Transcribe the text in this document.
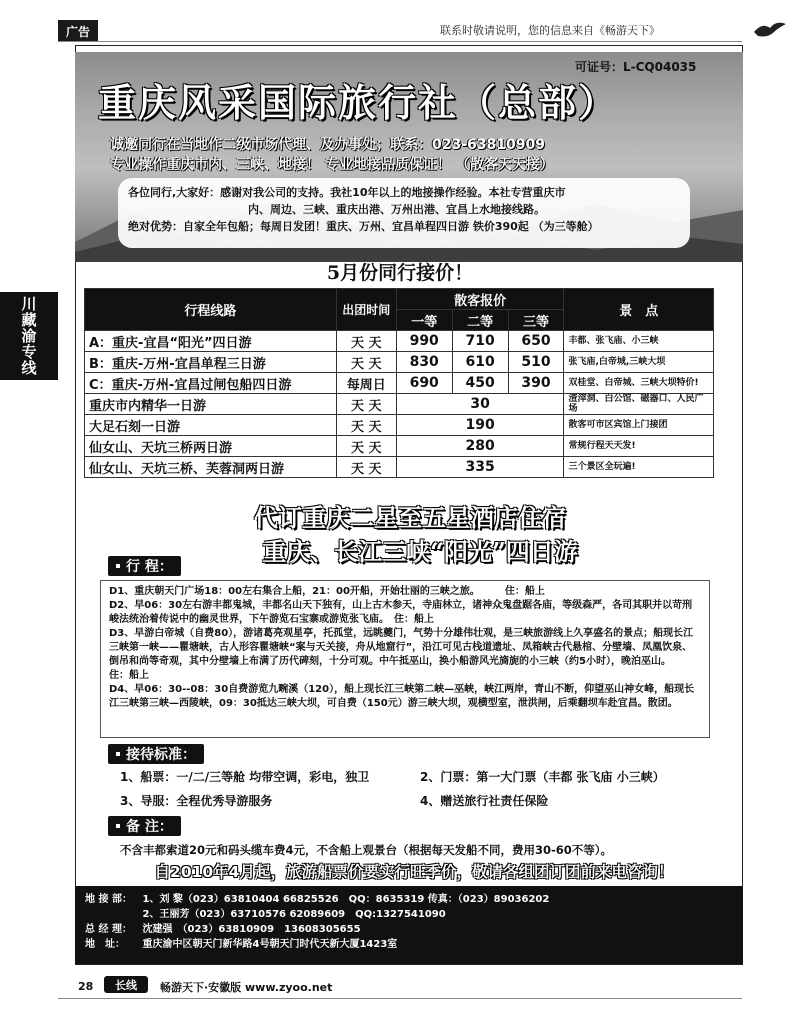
广告	联系时敬请说明，您的信息来自《畅游天下》
川藏渝专线
可证号：L-CQ04035
重庆风采国际旅行社（总部）
诚邀同行在当地作二级市场代理、及办事处；联系：023-63810909
专业操作重庆市内、三峡、地接！ 专业地接品质保证！ （散客天天接）
各位同行,大家好：感谢对我公司的支持。我社10年以上的地接操作经验。本社专营重庆市
内、周边、三峡、重庆出港、万州出港、宜昌上水地接线路。
绝对优势：自家全年包船；每周日发团！重庆、万州、宜昌单程四日游 铁价390起 （为三等舱）
5月份同行接价！
行程线路	出团时间	散客报价			景　点
		一等	二等	三等	
A：重庆-宜昌“阳光”四日游	天 天	990	710	650	丰都、张飞庙、小三峡
B：重庆-万州-宜昌单程三日游	天 天	830	610	510	张飞庙,白帝城,三峡大坝
C：重庆-万州-宜昌过闸包船四日游	每周日	690	450	390	双桂堂、白帝城、三峡大坝特价!
重庆市内精华一日游	天 天	30			渣滓洞、白公馆、磁器口、人民广场
大足石刻一日游	天 天	190			散客可市区宾馆上门接团
仙女山、天坑三桥两日游	天 天	280			常规行程天天发!
仙女山、天坑三桥、芙蓉洞两日游	天 天	335			三个景区全玩遍!
代订重庆二星至五星酒店住宿
重庆、长江三峡“阳光”四日游
行 程：

D1、重庆朝天门广场18：00左右集合上船，21：00开船，开始壮丽的三峡之旅。　　　住：船上

D2、早06：30左右游丰都鬼城，丰都名山天下独有，山上古木参天，寺庙林立，诸神众鬼盘踞各庙，等级森严，各司其职并以苛刑峻法统治着传说中的幽灵世界，下午游览石宝寨或游览张飞庙。　住：船上

D3、早游白帝城（自费80），游诸葛亮观星亭，托孤堂，远眺夔门，气势十分雄伟壮观，是三峡旅游线上久享盛名的景点；船现长江三峡第一峡——瞿塘峡，古人形容瞿塘峡“案与天关接，舟从地窟行”，沿江可见古栈道遗址、凤箱峡古代悬棺、分壁墙、凤凰饮泉、倒吊和尚等奇观，其中分壁墙上布满了历代碑刻，十分可观。中午抵巫山，换小船游风光旖旎的小三峡（约5小时），晚泊巫山。　　住：船上

D4、早06：30--08：30自费游览九畹溪（120），船上现长江三峡第二峡—巫峡，峡江两岸，青山不断，仰望巫山神女峰，船现长江三峡第三峡—西陵峡，09：30抵达三峡大坝，可自费（150元）游三峡大坝，观横型室，泄洪闸，后乘翻坝车赴宜昌。散团。

接待标准：
1、船票：一/二/三等舱 均带空调，彩电，独卫	2、门票：第一大门票（丰都 张飞庙 小三峡）
3、导服：全程优秀导游服务	4、赠送旅行社责任保险
备 注：
不含丰都索道20元和码头缆车费4元，不含船上观景台（根据每天发船不同，费用30-60不等）。
自2010年4月起，旅游船票价要实行旺季价，敬请各组团订团前来电咨询！
地 接 部： 1、刘 黎（023）63810404 66825526　QQ：8635319 传真：（023）89036202
2、王丽芳（023）63710576 62089609　QQ:1327541090
总 经 理： 沈建强　（023）63810909　13608305655
地　址： 重庆渝中区朝天门新华路4号朝天门时代天新大厦1423室
28	长线	畅游天下·安徽版 www.zyoo.net
